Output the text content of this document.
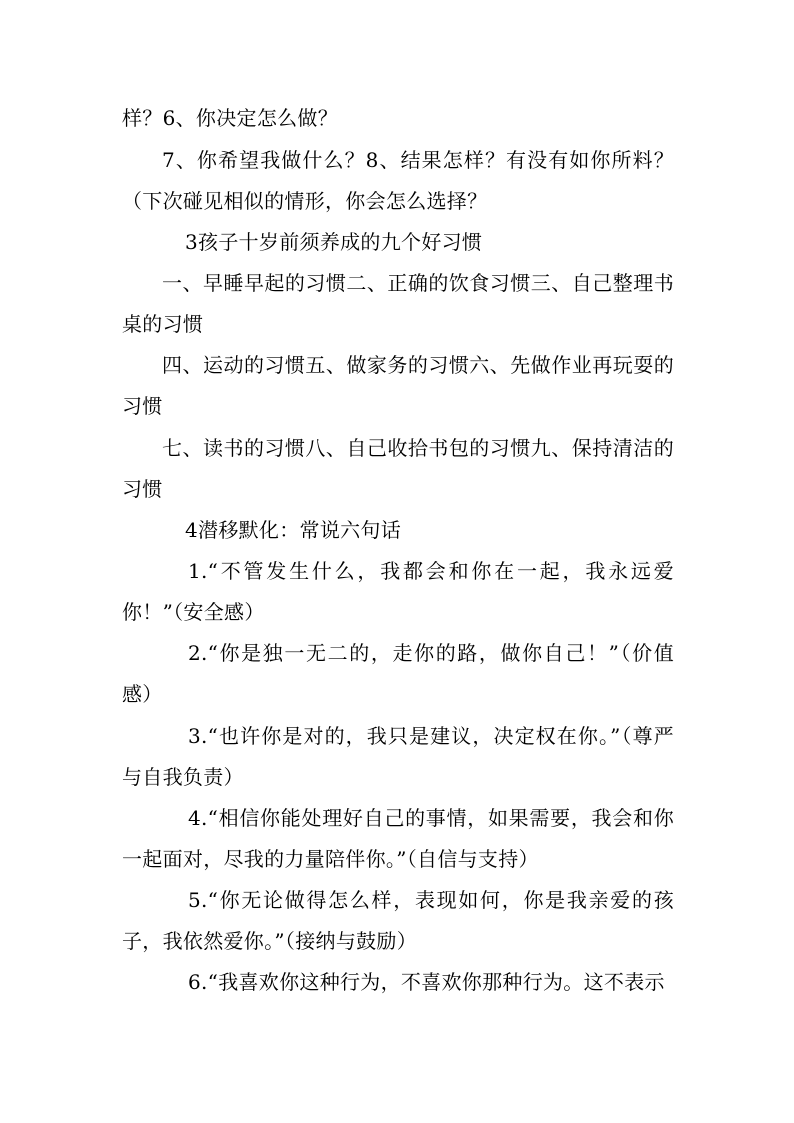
样？6、你决定怎么做？

7、你希望我做什么？8、结果怎样？有没有如你所料？（下次碰见相似的情形，你会怎么选择？

3孩子十岁前须养成的九个好习惯

一、早睡早起的习惯二、正确的饮食习惯三、自己整理书桌的习惯

四、运动的习惯五、做家务的习惯六、先做作业再玩耍的习惯

七、读书的习惯八、自己收拾书包的习惯九、保持清洁的习惯

4潜移默化：常说六句话

1.“不管发生什么，我都会和你在一起，我永远爱你！”（安全感）

2.“你是独一无二的，走你的路，做你自己！”（价值感）

3.“也许你是对的，我只是建议，决定权在你。”（尊严与自我负责）

4.“相信你能处理好自己的事情，如果需要，我会和你一起面对，尽我的力量陪伴你。”（自信与支持）

5.“你无论做得怎么样，表现如何，你是我亲爱的孩子，我依然爱你。”（接纳与鼓励）

6.“我喜欢你这种行为，不喜欢你那种行为。这不表示
